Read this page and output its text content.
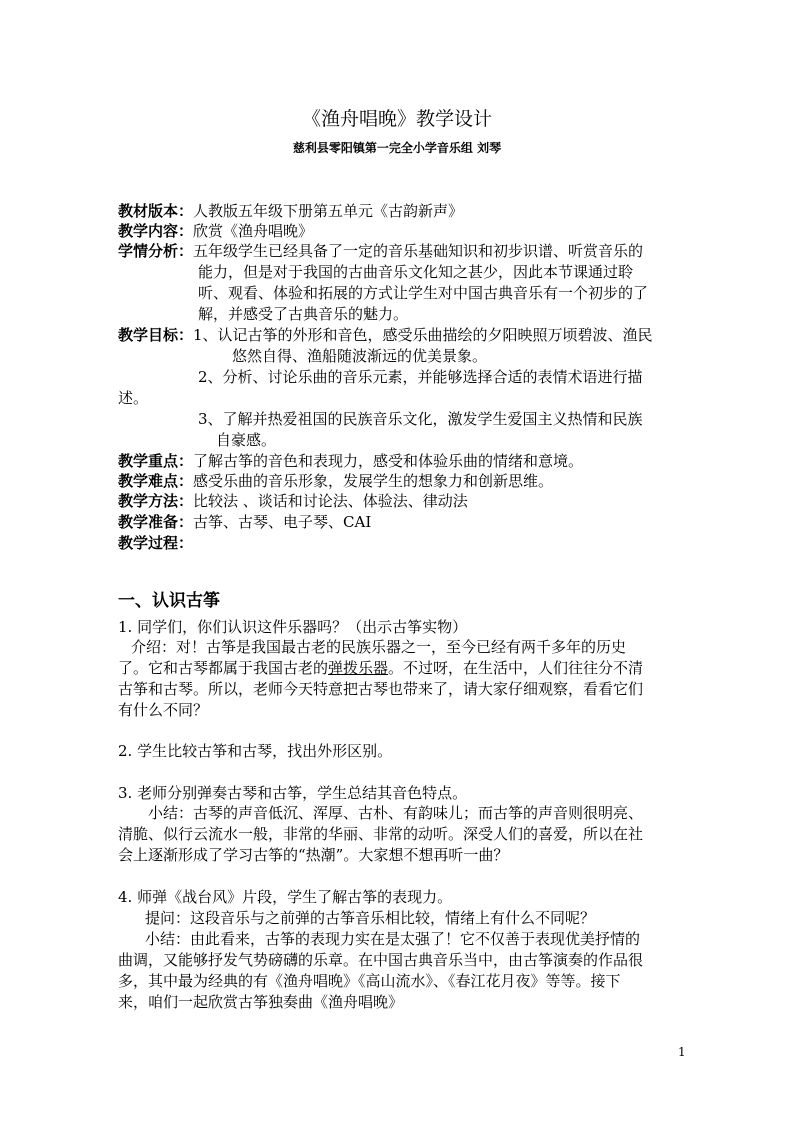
《渔舟唱晚》教学设计
慈利县零阳镇第一完全小学音乐组 刘琴
教材版本：人教版五年级下册第五单元《古韵新声》
教学内容：欣赏《渔舟唱晚》
学情分析：五年级学生已经具备了一定的音乐基础知识和初步识谱、听赏音乐的
能力，但是对于我国的古曲音乐文化知之甚少，因此本节课通过聆
听、观看、体验和拓展的方式让学生对中国古典音乐有一个初步的了
解，并感受了古典音乐的魅力。
教学目标：1、认记古筝的外形和音色，感受乐曲描绘的夕阳映照万顷碧波、渔民
悠然自得、渔船随波渐远的优美景象。
2、分析、讨论乐曲的音乐元素，并能够选择合适的表情术语进行描
述。
3、了解并热爱祖国的民族音乐文化，激发学生爱国主义热情和民族
自豪感。
教学重点：了解古筝的音色和表现力，感受和体验乐曲的情绪和意境。
教学难点：感受乐曲的音乐形象，发展学生的想象力和创新思维。
教学方法：比较法 、谈话和讨论法、体验法、律动法
教学准备：古筝、古琴、电子琴、CAI
教学过程：
一、认识古筝
1. 同学们，你们认识这件乐器吗？（出示古筝实物）
介绍：对！古筝是我国最古老的民族乐器之一，至今已经有两千多年的历史
了。它和古琴都属于我国古老的弹拨乐器。不过呀，在生活中，人们往往分不清
古筝和古琴。所以，老师今天特意把古琴也带来了，请大家仔细观察，看看它们
有什么不同？
2. 学生比较古筝和古琴，找出外形区别。
3. 老师分别弹奏古琴和古筝，学生总结其音色特点。
小结：古琴的声音低沉、浑厚、古朴、有韵味儿；而古筝的声音则很明亮、
清脆、似行云流水一般，非常的华丽、非常的动听。深受人们的喜爱，所以在社
会上逐渐形成了学习古筝的“热潮”。大家想不想再听一曲？
4. 师弹《战台风》片段，学生了解古筝的表现力。
提问：这段音乐与之前弹的古筝音乐相比较，情绪上有什么不同呢？
小结：由此看来，古筝的表现力实在是太强了！它不仅善于表现优美抒情的
曲调，又能够抒发气势磅礴的乐章。在中国古典音乐当中，由古筝演奏的作品很
多，其中最为经典的有《渔舟唱晚》《高山流水》、《春江花月夜》等等。接下
来，咱们一起欣赏古筝独奏曲《渔舟唱晚》
1
